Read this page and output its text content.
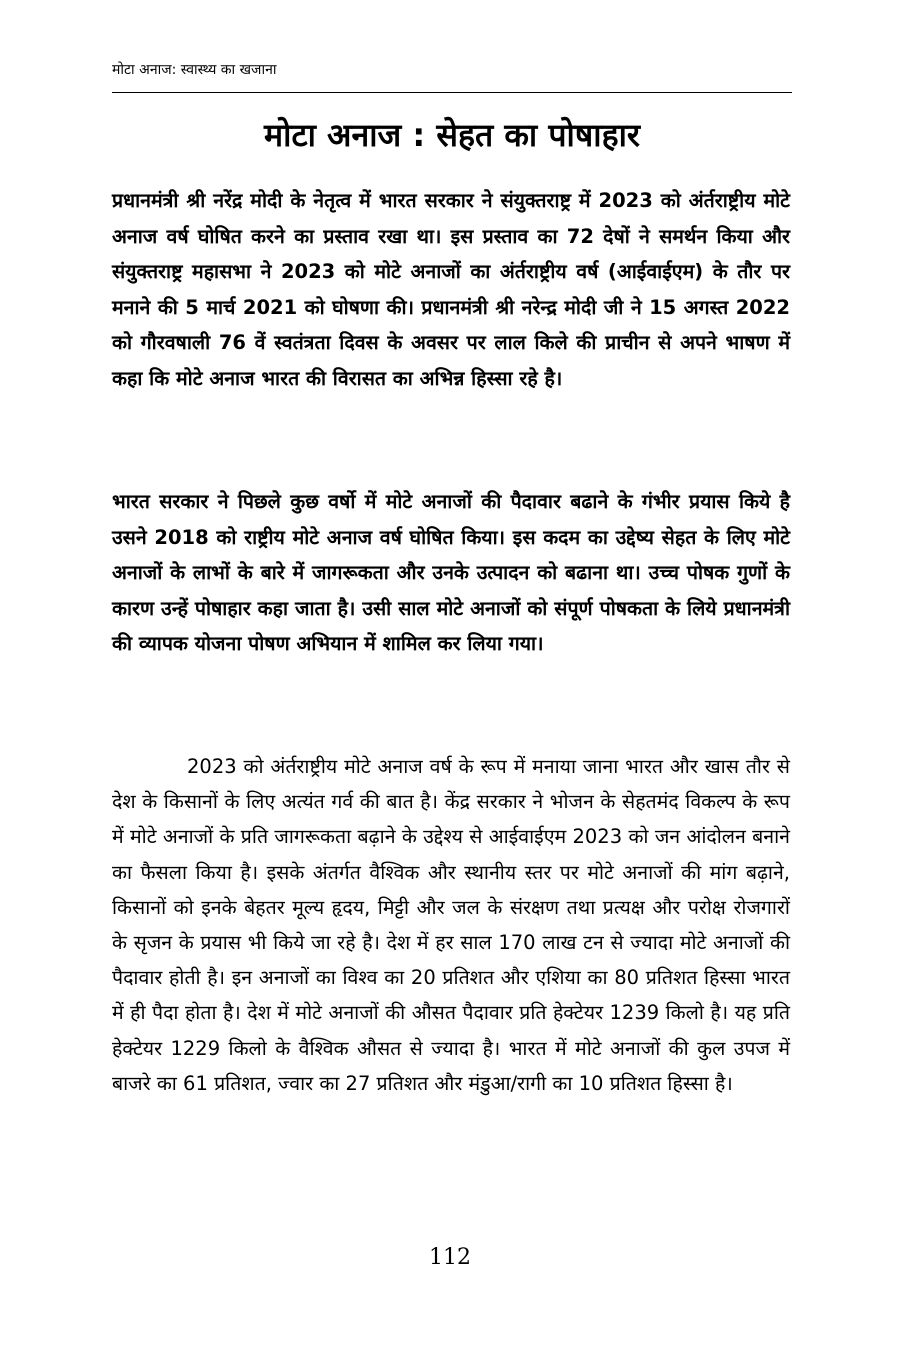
मोटा अनाज: स्वास्थ्य का खजाना
मोटा अनाज : सेहत का पोषाहार

प्रधानमंत्री श्री नरेंद्र मोदी के नेतृत्व में भारत सरकार ने संयुक्तराष्ट्र में 2023 को अंर्तराष्ट्रीय मोटे अनाज वर्ष घोषित करने का प्रस्ताव रखा था। इस प्रस्ताव का 72 देषों ने समर्थन किया और संयुक्तराष्ट्र महासभा ने 2023 को मोटे अनाजों का अंर्तराष्ट्रीय वर्ष (आईवाईएम) के तौर पर मनाने की 5 मार्च 2021 को घोषणा की। प्रधानमंत्री श्री नरेन्द्र मोदी जी ने 15 अगस्त 2022 को गौरवषाली 76 वें स्वतंत्रता दिवस के अवसर पर लाल किले की प्राचीन से अपने भाषण में कहा कि मोटे अनाज भारत की विरासत का अभिन्न हिस्सा रहे है।

भारत सरकार ने पिछले कुछ वर्षो में मोटे अनाजों की पैदावार बढाने के गंभीर प्रयास किये है उसने 2018 को राष्ट्रीय मोटे अनाज वर्ष घोषित किया। इस कदम का उद्देष्य सेहत के लिए मोटे अनाजों के लाभों के बारे में जागरूकता और उनके उत्पादन को बढाना था। उच्च पोषक गुणों के कारण उन्हें पोषाहार कहा जाता है। उसी साल मोटे अनाजों को संपूर्ण पोषकता के लिये प्रधानमंत्री की व्यापक योजना पोषण अभियान में शामिल कर लिया गया।

2023 को अंर्तराष्ट्रीय मोटे अनाज वर्ष के रूप में मनाया जाना भारत और खास तौर से देश के किसानों के लिए अत्यंत गर्व की बात है। केंद्र सरकार ने भोजन के सेहतमंद विकल्प के रूप में मोटे अनाजों के प्रति जागरूकता बढ़ाने के उद्देश्य से आईवाईएम 2023 को जन आंदोलन बनाने का फैसला किया है। इसके अंतर्गत वैश्विक और स्थानीय स्तर पर मोटे अनाजों की मांग बढ़ाने, किसानों को इनके बेहतर मूल्य हृदय, मिट्टी और जल के संरक्षण तथा प्रत्यक्ष और परोक्ष रोजगारों के सृजन के प्रयास भी किये जा रहे है। देश में हर साल 170 लाख टन से ज्यादा मोटे अनाजों की पैदावार होती है। इन अनाजों का विश्व का 20 प्रतिशत और एशिया का 80 प्रतिशत हिस्सा भारत में ही पैदा होता है। देश में मोटे अनाजों की औसत पैदावार प्रति हेक्टेयर 1239 किलो है। यह प्रति हेक्टेयर 1229 किलो के वैश्विक औसत से ज्यादा है। भारत में मोटे अनाजों की कुल उपज में बाजरे का 61 प्रतिशत, ज्वार का 27 प्रतिशत और मंडुआ/रागी का 10 प्रतिशत हिस्सा है।

112
